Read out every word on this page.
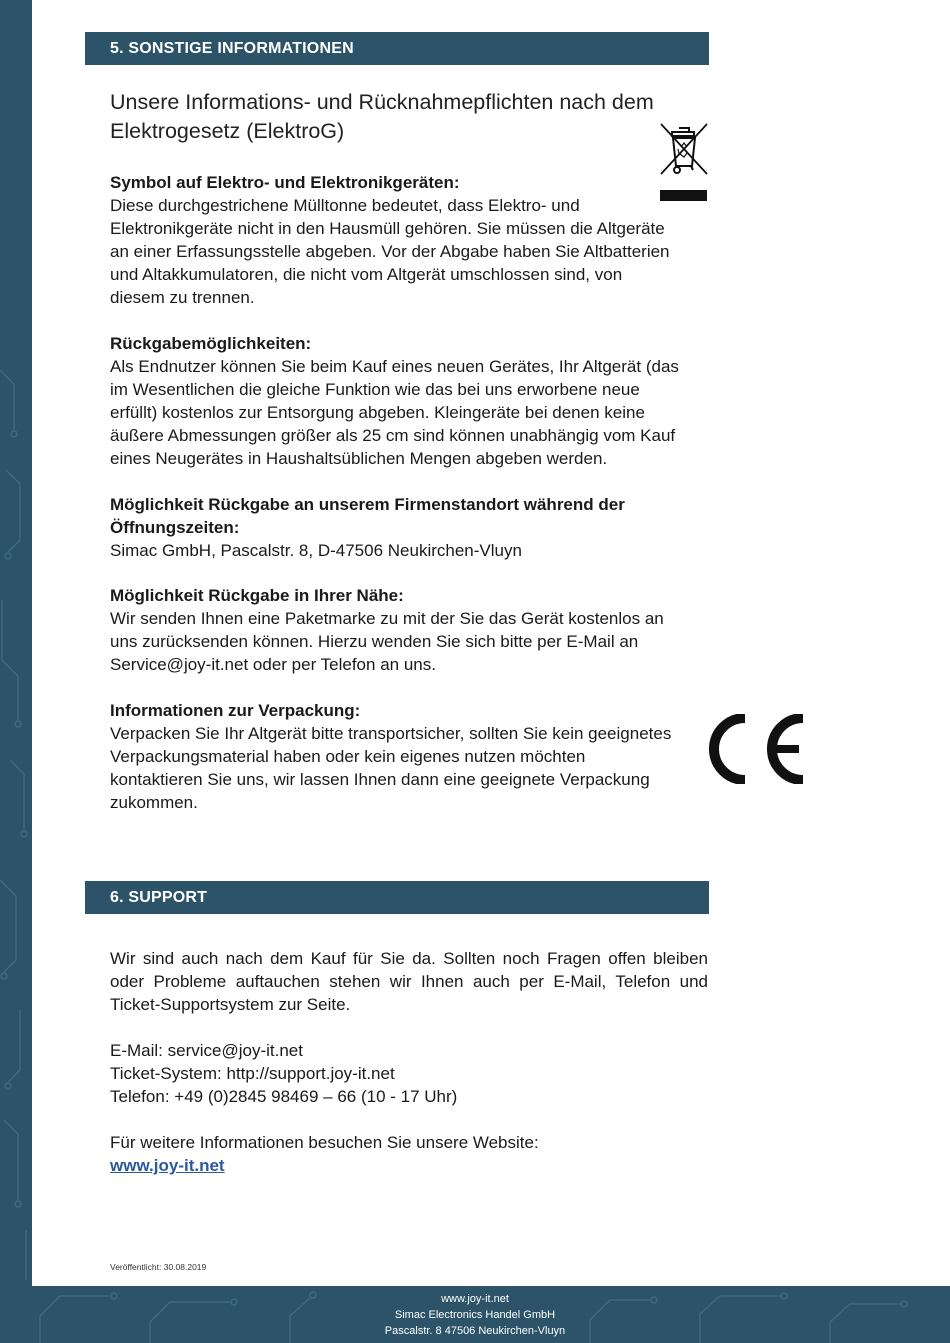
5. SONSTIGE INFORMATIONEN
Unsere Informations- und Rücknahmepflichten nach dem
Elektrogesetz (ElektroG)

Symbol auf Elektro- und Elektronikgeräten:

Diese durchgestrichene Mülltonne bedeutet, dass Elektro- und

Elektronikgeräte nicht in den Hausmüll gehören. Sie müssen die Altgeräte

an einer Erfassungsstelle abgeben. Vor der Abgabe haben Sie Altbatterien

und Altakkumulatoren, die nicht vom Altgerät umschlossen sind, von

diesem zu trennen.

Rückgabemöglichkeiten:

Als Endnutzer können Sie beim Kauf eines neuen Gerätes, Ihr Altgerät (das

im Wesentlichen die gleiche Funktion wie das bei uns erworbene neue

erfüllt) kostenlos zur Entsorgung abgeben. Kleingeräte bei denen keine

äußere Abmessungen größer als 25 cm sind können unabhängig vom Kauf

eines Neugerätes in Haushaltsüblichen Mengen abgeben werden.

Möglichkeit Rückgabe an unserem Firmenstandort während der

Öffnungszeiten:

Simac GmbH, Pascalstr. 8, D-47506 Neukirchen-Vluyn

Möglichkeit Rückgabe in Ihrer Nähe:

Wir senden Ihnen eine Paketmarke zu mit der Sie das Gerät kostenlos an

uns zurücksenden können. Hierzu wenden Sie sich bitte per E-Mail an

Service@joy-it.net oder per Telefon an uns.

Informationen zur Verpackung:

Verpacken Sie Ihr Altgerät bitte transportsicher, sollten Sie kein geeignetes

Verpackungsmaterial haben oder kein eigenes nutzen möchten

kontaktieren Sie uns, wir lassen Ihnen dann eine geeignete Verpackung

zukommen.

6. SUPPORT

Wir sind auch nach dem Kauf für Sie da. Sollten noch Fragen offen bleiben oder Probleme auftauchen stehen wir Ihnen auch per E-Mail, Telefon und Ticket-Supportsystem zur Seite.

E-Mail: service@joy-it.net

Ticket-System: http://support.joy-it.net

Telefon: +49 (0)2845 98469 – 66 (10 - 17 Uhr)

Für weitere Informationen besuchen Sie unsere Website:

www.joy-it.net

Veröffentlicht: 30.08.2019
www.joy-it.net
Simac Electronics Handel GmbH
Pascalstr. 8 47506 Neukirchen-Vluyn
